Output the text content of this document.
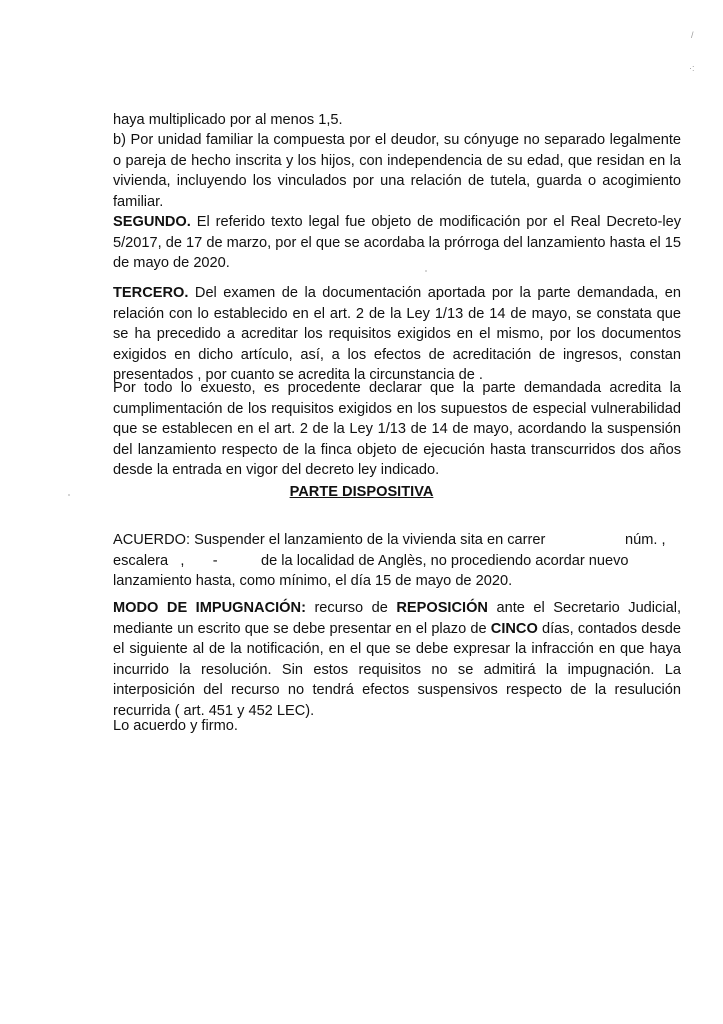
/
·:

haya multiplicado por al menos 1,5.

b) Por unidad familiar la compuesta por el deudor, su cónyuge no separado legalmente o pareja de hecho inscrita y los hijos, con independencia de su edad, que residan en la vivienda, incluyendo los vinculados por una relación de tutela, guarda o acogimiento familiar.

SEGUNDO. El referido texto legal fue objeto de modificación por el Real Decreto-ley 5/2017, de 17 de marzo, por el que se acordaba la prórroga del lanzamiento hasta el 15 de mayo de 2020.

TERCERO. Del examen de la documentación aportada por la parte demandada, en relación con lo establecido en el art. 2 de la Ley 1/13 de 14 de mayo, se constata que se ha precedido a acreditar los requisitos exigidos en el mismo, por los documentos exigidos en dicho artículo, así, a los efectos de acreditación de ingresos, constan presentados , por cuanto se acredita la circunstancia de .

Por todo lo exuesto, es procedente declarar que la parte demandada acredita la cumplimentación de los requisitos exigidos en los supuestos de especial vulnerabilidad que se establecen en el art. 2 de la Ley 1/13 de 14 de mayo, acordando la suspensión del lanzamiento respecto de la finca objeto de ejecución hasta transcurridos dos años desde la entrada en vigor del decreto ley indicado.

PARTE DISPOSITIVA

ACUERDO: Suspender el lanzamiento de la vivienda sita en carrer	núm. ,
escalera   ,       -	de la localidad de Anglès, no procediendo acordar nuevo
lanzamiento hasta, como mínimo, el día 15 de mayo de 2020.

MODO DE IMPUGNACIÓN: recurso de REPOSICIÓN ante el Secretario Judicial, mediante un escrito que se debe presentar en el plazo de CINCO días, contados desde el siguiente al de la notificación, en el que se debe expresar la infracción en que haya incurrido la resolución. Sin estos requisitos no se admitirá la impugnación. La interposición del recurso no tendrá efectos suspensivos respecto de la resulución recurrida ( art. 451 y 452 LEC).

Lo acuerdo y firmo.
